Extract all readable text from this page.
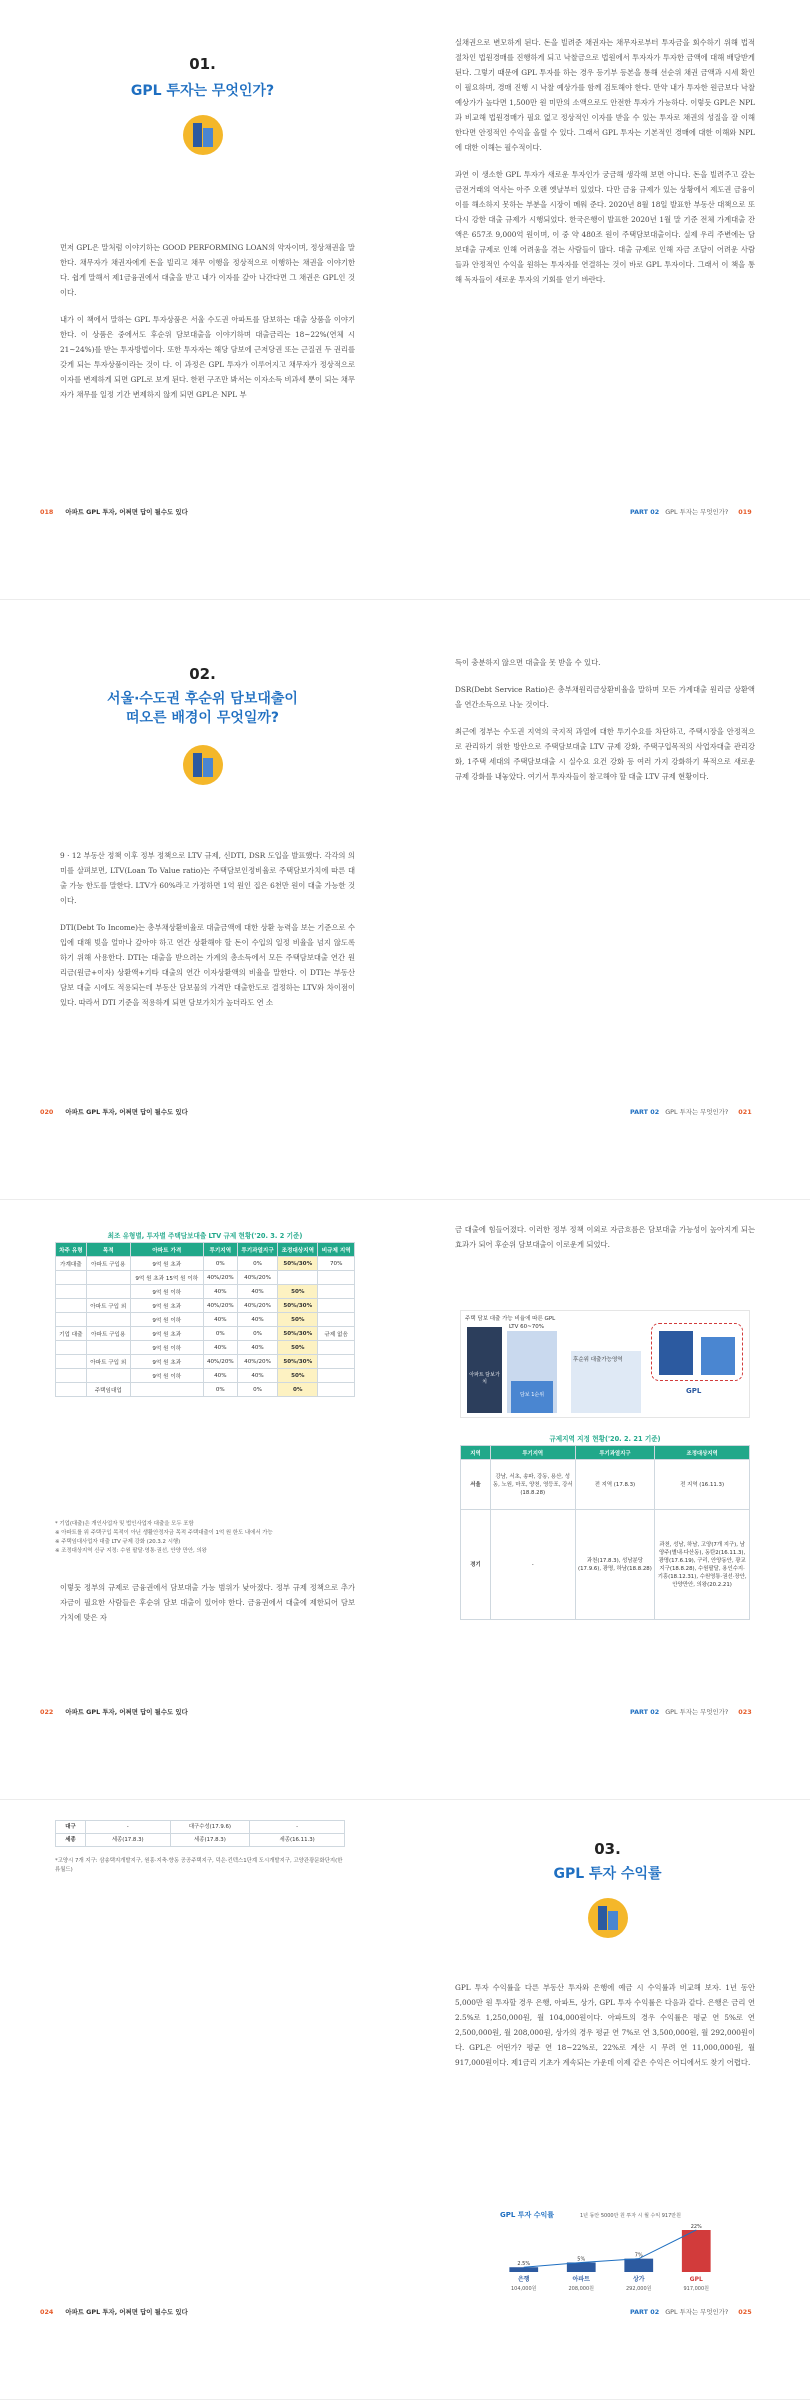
01.
GPL 투자는 무엇인가?

먼저 GPL은 말처럼 이야기하는 GOOD PERFORMING LOAN의 약자이며, 정상채권을 말한다. 채무자가 채권자에게 돈을 빌리고 채무 이행을 정상적으로 이행하는 채권을 이야기한다. 쉽게 말해서 제1금융권에서 대출을 받고 내가 이자를 갚아 나간다면 그 채권은 GPL인 것이다.

내가 이 책에서 말하는 GPL 투자상품은 서울 수도권 아파트를 담보하는 대출 상품을 이야기한다. 이 상품은 중에서도 후순위 담보대출을 이야기하며 대출금리는 18~22%(연체 시 21~24%)를 받는 투자방법이다. 또한 투자자는 해당 담보에 근저당권 또는 근질권 두 권리를 갖게 되는 투자상품이라는 것이 다. 이 과정은 GPL 투자가 이루어지고 채무자가 정상적으로 이자를 변제하게 되면 GPL로 보게 된다. 한편 구조만 봐서는 이자소득 비과세 뿐이 되는 채무자가 채무를 일정 기간 변제하지 않게 되면 GPL은 NPL 부

018 아파트 GPL 투자, 어쩌면 답이 될수도 있다

실채권으로 변모하게 된다. 돈을 빌려준 채권자는 채무자로부터 투자금을 회수하기 위해 법적절차인 법원경매를 진행하게 되고 낙찰금으로 법원에서 투자자가 투자한 금액에 대해 배당받게 된다. 그렇기 때문에 GPL 투자를 하는 경우 등기부 등본을 통해 선순위 채권 금액과 시세 확인이 필요하며, 경매 진행 시 낙찰 예상가를 함께 검토해야 한다. 만약 내가 투자한 원금보다 낙찰 예상가가 높다면 1,500만 원 미만의 소액으로도 안전한 투자가 가능하다. 이렇듯 GPL은 NPL과 비교해 법원경매가 필요 없고 정상적인 이자를 받을 수 있는 투자로 채권의 성질을 잘 이해한다면 안정적인 수익을 올릴 수 있다. 그래서 GPL 투자는 기본적인 경매에 대한 이해와 NPL에 대한 이해는 필수적이다.

과연 이 생소한 GPL 투자가 새로운 투자인가 궁금해 생각해 보면 아니다. 돈을 빌려주고 갚는 금전거래의 역사는 아주 오랜 옛날부터 있었다. 다만 금융 규제가 있는 상황에서 제도권 금융이 이를 해소하지 못하는 부분을 시장이 메워 준다. 2020년 8월 18일 발표한 부동산 대책으로 또다시 강한 대출 규제가 시행되었다. 한국은행이 발표한 2020년 1월 말 기준 전체 가계대출 잔액은 657조 9,000억 원이며, 이 중 약 480조 원이 주택담보대출이다. 실제 우리 주변에는 담보대출 규제로 인해 어려움을 겪는 사람들이 많다. 대출 규제로 인해 자금 조달이 어려운 사람들과 안정적인 수익을 원하는 투자자를 연결하는 것이 바로 GPL 투자이다. 그래서 이 책을 통해 독자들이 새로운 투자의 기회를 얻기 바란다.

PART 02 GPL 투자는 무엇인가? 019
02.
서울·수도권 후순위 담보대출이
떠오른 배경이 무엇일까?

9 · 12 부동산 정책 이후 정부 정책으로 LTV 규제, 신DTI, DSR 도입을 발표했다. 각각의 의미를 살펴보면, LTV(Loan To Value ratio)는 주택담보인정비율로 주택담보가치에 따른 대출 가능 한도를 말한다. LTV가 60%라고 가정하면 1억 원인 집은 6천만 원이 대출 가능한 것이다.

DTI(Debt To Income)는 총부채상환비율로 대출금액에 대한 상환 능력을 보는 기준으로 수입에 대해 빚을 얼마나 갚아야 하고 연간 상환해야 할 돈이 수입의 일정 비율을 넘지 않도록 하기 위해 사용한다. DTI는 대출을 받으려는 가계의 총소득에서 모든 주택담보대출 연간 원리금(원금+이자) 상환액+기타 대출의 연간 이자상환액의 비율을 말한다. 이 DTI는 부동산 담보 대출 시에도 적용되는데 부동산 담보물의 가격만 대출한도로 결정하는 LTV와 차이점이 있다. 따라서 DTI 기준을 적용하게 되면 담보가치가 높더라도 연 소

020 아파트 GPL 투자, 어쩌면 답이 될수도 있다

득이 충분하지 않으면 대출을 못 받을 수 있다.

DSR(Debt Service Ratio)은 총부채원리금상환비율을 말하며 모든 가계대출 원리금 상환액을 연간소득으로 나눈 것이다.

최근에 정부는 수도권 지역의 국지적 과열에 대한 투기수요를 차단하고, 주택시장을 안정적으로 관리하기 위한 방안으로 주택담보대출 LTV 규제 강화, 주택구입목적의 사업자대출 관리강화, 1주택 세대의 주택담보대출 시 실수요 요건 강화 등 여러 가지 강화하기 복적으로 새로운 규제 강화를 내놓았다. 여기서 투자자들이 참고해야 할 대출 LTV 규제 현황이다.

PART 02 GPL 투자는 무엇인가? 021
최조 유형별, 투자별 주택담보대출 LTV 규제 현황('20. 3. 2 기준)
차주 유형	목적	아파트 가격	투기지역	투기과열지구	조정대상지역	비규제 지역
가계대출	아파트 구입용	9억 원 초과	0%	0%	50%/30%	70%
		9억 원 초과 15억 원 이하	40%/20%	40%/20%		
		9억 원 이하	40%	40%	50%	
	아파트 구입 외	9억 원 초과	40%/20%	40%/20%	50%/30%	
		9억 원 이하	40%	40%	50%	
기업 대출	아파트 구입용	9억 원 초과	0%	0%	50%/30%	규제 없음
		9억 원 이하	40%	40%	50%	
	아파트 구입 외	9억 원 초과	40%/20%	40%/20%	50%/30%	
		9억 원 이하	40%	40%	50%	
	주택임대업		0%	0%	0%	
* 기업(대출)은 개인사업자 및 법인사업자 대출을 모두 포함
※ 아파트를 위 주택구입 목적이 아닌 생활안정자금 목적 주택대출이 1억 원 한도 내에서 가능
※ 주택임대사업자 대출 LTV 규제 강화 (20.3.2 시행)
※ 조정대상지역 신규 지정: 수원 팔달·영통·권선, 안양 만안, 의왕

이렇듯 정부의 규제로 금융권에서 담보대출 가능 범위가 낮아졌다. 정부 규제 정책으로 추가자금이 필요한 사람들은 후순위 담보 대출이 있어야 한다. 금융권에서 대출에 제한되어 담보 가치에 맞은 자

022 아파트 GPL 투자, 어쩌면 답이 될수도 있다

금 대출에 힘들어졌다. 이러한 정부 정책 이외로 자금흐름은 담보대출 가능성이 높아지게 되는 효과가 되어 후순위 담보대출이 이로운게 되었다.

주택 담보 대출 가능 비율에 따른 GPL
아파트 담보가치
LTV 60~70%
담보 1순위
후순위 대출가능영역
GPL
규제지역 지정 현황('20. 2. 21 기준)
지역	투기지역	투기과열지구	조정대상지역
서울	강남, 서초, 송파, 강동, 용산, 성동, 노원, 마포, 양천, 영등포, 강서 (18.8.28)	전 지역 (17.8.3)	전 지역 (16.11.3)
경기	-	과천(17.8.3), 성남분당(17.9.6), 광명, 하남(18.8.28)	과천, 성남, 하남, 고양(7개 지구), 남양주(별내·다산동), 동탄2(16.11.3), 광명(17.6.19), 구리, 안양동안, 광교지구(18.8.28), 수원팔달, 용인수지·기흥(18.12.31), 수원영통·권선·장안, 안양만안, 의왕(20.2.21)
PART 02 GPL 투자는 무엇인가? 023
대구	-	대구수성(17.9.6)	-
세종	세종(17.8.3)	세종(17.8.3)	세종(16.11.3)
*고양시 7개 지구: 삼송택지개발지구, 원흥·지축·향동 공공주택지구, 덕은·킨텍스1단계 도시개발지구, 고양관광문화단지(한류월드)
024 아파트 GPL 투자, 어쩌면 답이 될수도 있다
03.
GPL 투자 수익률

GPL 투자 수익률을 다른 부동산 투자와 은행에 예금 시 수익률과 비교해 보자. 1년 동안 5,000만 원 투자할 경우 은행, 아파트, 상가, GPL 투자 수익률은 다음과 같다. 은행은 금리 연 2.5%로 1,250,000원, 월 104,000원이다. 아파트의 경우 수익률은 평균 연 5%로 연 2,500,000원, 월 208,000원, 상가의 경우 평균 연 7%로 연 3,500,000원, 월 292,000원이다. GPL은 어떤가? 평균 연 18~22%로, 22%로 계산 시 무려 연 11,000,000원, 월 917,000원이다. 제1금리 기초가 계속되는 가운데 이제 같은 수익은 어디에서도 찾기 어렵다.

GPL 투자 수익률	1년 동안 5000만 원 투자 시 월 수익 917만원
2.5%
은행
104,000원
5%
아파트
208,000원
7%
상가
292,000원
22%
GPL
917,000원
PART 02 GPL 투자는 무엇인가? 025
